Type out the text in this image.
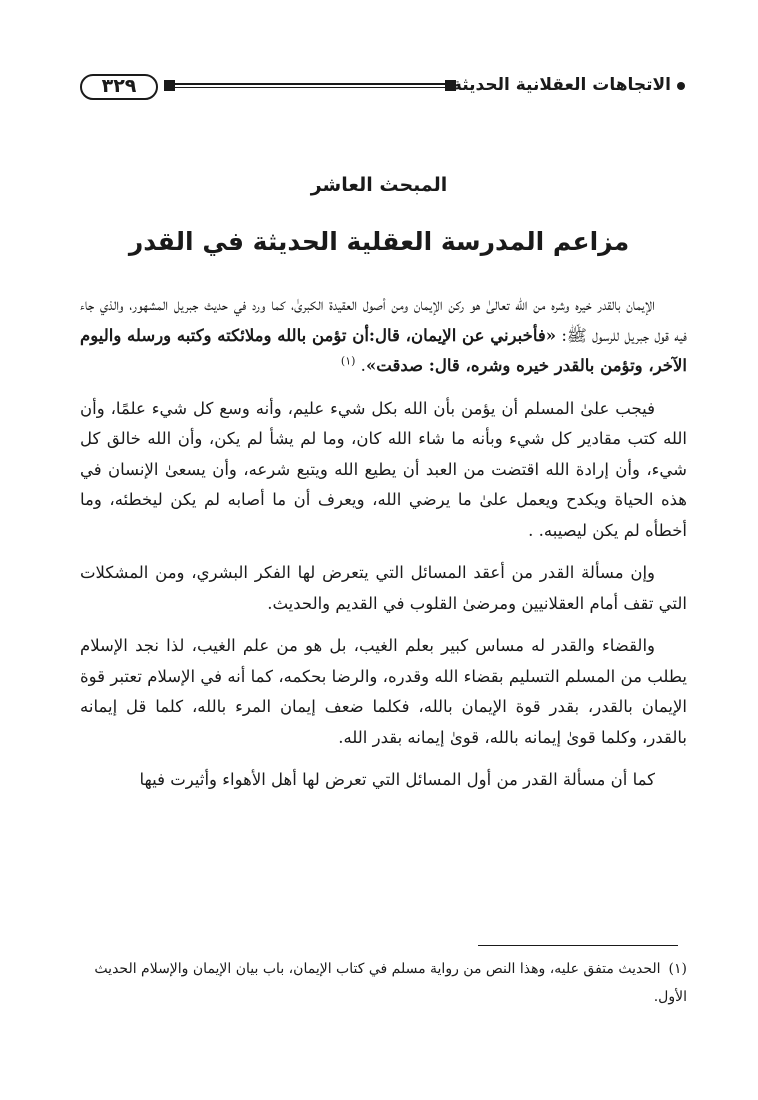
٣٢٩	الاتجاهات العقلانية الحديثة
المبحث العاشر
مزاعم المدرسة العقلية الحديثة في القدر

الإيمان بالقدر خيره وشره من الله تعالىٰ هو ركن الإيمان ومن أصول العقيدة الكبرىٰ، كما ورد في حديث جبريل المشهور، والذي جاء فيه قول جبريل للرسول ﷺ: «فأخبرني عن الإيمان، قال:أن تؤمن بالله وملائكته وكتبه ورسله واليوم الآخر، وتؤمن بالقدر خيره وشره، قال: صدقت». $^{(١)}$

فيجب علىٰ المسلم أن يؤمن بأن الله بكل شيء عليم، وأنه وسع كل شيء علمًا، وأن الله كتب مقادير كل شيء وبأنه ما شاء الله كان، وما لم يشأ لم يكن، وأن الله خالق كل شيء، وأن إرادة الله اقتضت من العبد أن يطيع الله ويتبع شرعه، وأن يسعىٰ الإنسان في هذه الحياة ويكدح ويعمل علىٰ ما يرضي الله، ويعرف أن ما أصابه لم يكن ليخطئه، وما أخطأه لم يكن ليصيبه. .

وإن مسألة القدر من أعقد المسائل التي يتعرض لها الفكر البشري، ومن المشكلات التي تقف أمام العقلانيين ومرضىٰ القلوب في القديم والحديث.

والقضاء والقدر له مساس كبير بعلم الغيب، بل هو من علم الغيب، لذا نجد الإسلام يطلب من المسلم التسليم بقضاء الله وقدره، والرضا بحكمه، كما أنه في الإسلام تعتبر قوة الإيمان بالقدر، بقدر قوة الإيمان بالله، فكلما ضعف إيمان المرء بالله، كلما قل إيمانه بالقدر، وكلما قوىٰ إيمانه بالله، قوىٰ إيمانه بقدر الله.

كما أن مسألة القدر من أول المسائل التي تعرض لها أهل الأهواء وأثيرت فيها

(١)الحديث متفق عليه، وهذا النص من رواية مسلم في كتاب الإيمان، باب بيان الإيمان والإسلام الحديث الأول.
